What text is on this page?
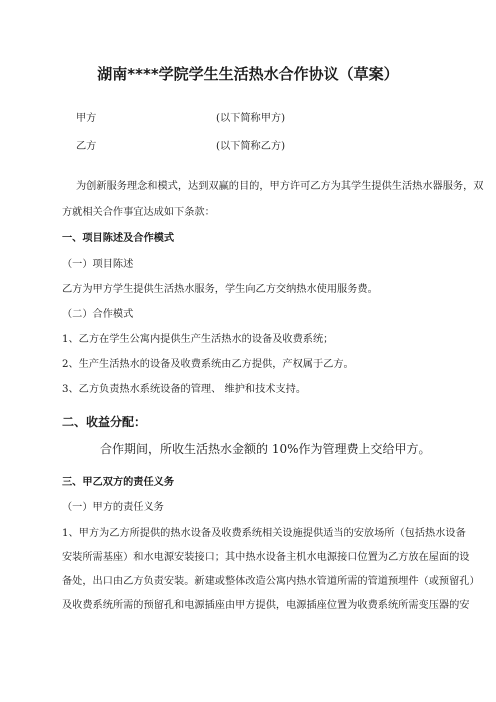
湖南****学院学生生活热水合作协议（草案）
甲方	(以下简称甲方)
乙方	(以下简称乙方)
为创新服务理念和模式，达到双赢的目的，甲方许可乙方为其学生提供生活热水器服务，双
方就相关合作事宜达成如下条款：
一、项目陈述及合作模式
（一）项目陈述
乙方为甲方学生提供生活热水服务，学生向乙方交纳热水使用服务费。
（二）合作模式
1、乙方在学生公寓内提供生产生活热水的设备及收费系统；
2、生产生活热水的设备及收费系统由乙方提供，产权属于乙方。
3、乙方负责热水系统设备的管理、 维护和技术支持。
二、收益分配：
合作期间，所收生活热水金额的 10%作为管理费上交给甲方。
三、甲乙双方的责任义务
（一）甲方的责任义务
1、甲方为乙方所提供的热水设备及收费系统相关设施提供适当的安放场所（包括热水设备
安装所需基座）和水电源安装接口；其中热水设备主机水电源接口位置为乙方放在屋面的设
备处，出口由乙方负责安装。新建或整体改造公寓内热水管道所需的管道预埋件（或预留孔）
及收费系统所需的预留孔和电源插座由甲方提供，电源插座位置为收费系统所需变压器的安
